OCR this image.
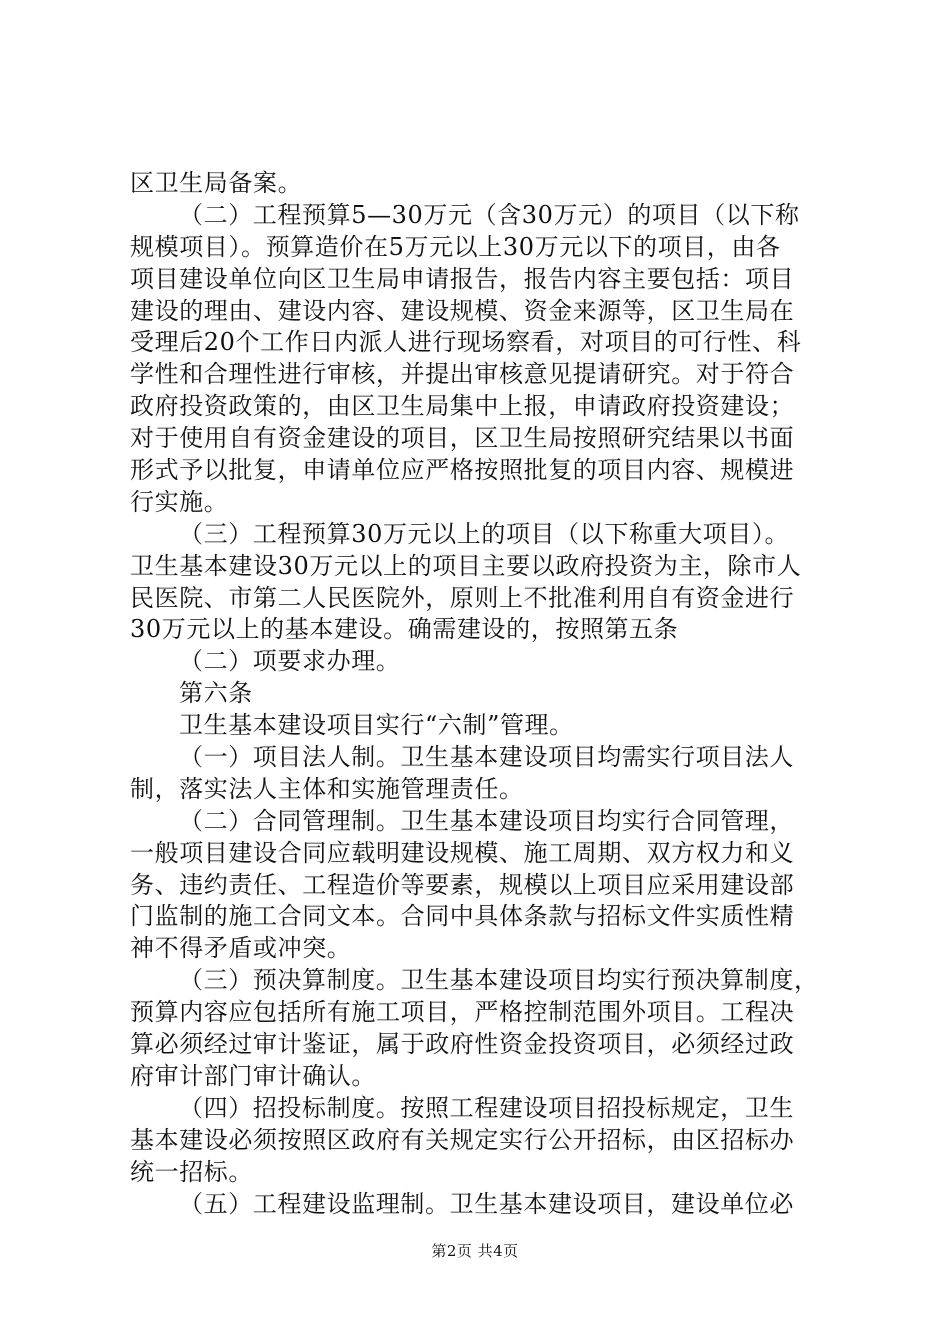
区卫生局备案。
（二）工程预算5—30万元（含30万元）的项目（以下称
规模项目）。预算造价在5万元以上30万元以下的项目，由各
项目建设单位向区卫生局申请报告，报告内容主要包括：项目
建设的理由、建设内容、建设规模、资金来源等，区卫生局在
受理后20个工作日内派人进行现场察看，对项目的可行性、科
学性和合理性进行审核，并提出审核意见提请研究。对于符合
政府投资政策的，由区卫生局集中上报，申请政府投资建设；
对于使用自有资金建设的项目，区卫生局按照研究结果以书面
形式予以批复，申请单位应严格按照批复的项目内容、规模进
行实施。
（三）工程预算30万元以上的项目（以下称重大项目）。
卫生基本建设30万元以上的项目主要以政府投资为主，除市人
民医院、市第二人民医院外，原则上不批准利用自有资金进行
30万元以上的基本建设。确需建设的，按照第五条
（二）项要求办理。
第六条
卫生基本建设项目实行“六制”管理。
（一）项目法人制。卫生基本建设项目均需实行项目法人
制，落实法人主体和实施管理责任。
（二）合同管理制。卫生基本建设项目均实行合同管理，
一般项目建设合同应载明建设规模、施工周期、双方权力和义
务、违约责任、工程造价等要素，规模以上项目应采用建设部
门监制的施工合同文本。合同中具体条款与招标文件实质性精
神不得矛盾或冲突。
（三）预决算制度。卫生基本建设项目均实行预决算制度，
预算内容应包括所有施工项目，严格控制范围外项目。工程决
算必须经过审计鉴证，属于政府性资金投资项目，必须经过政
府审计部门审计确认。
（四）招投标制度。按照工程建设项目招投标规定，卫生
基本建设必须按照区政府有关规定实行公开招标，由区招标办
统一招标。
（五）工程建设监理制。卫生基本建设项目，建设单位必
第2页 共4页
